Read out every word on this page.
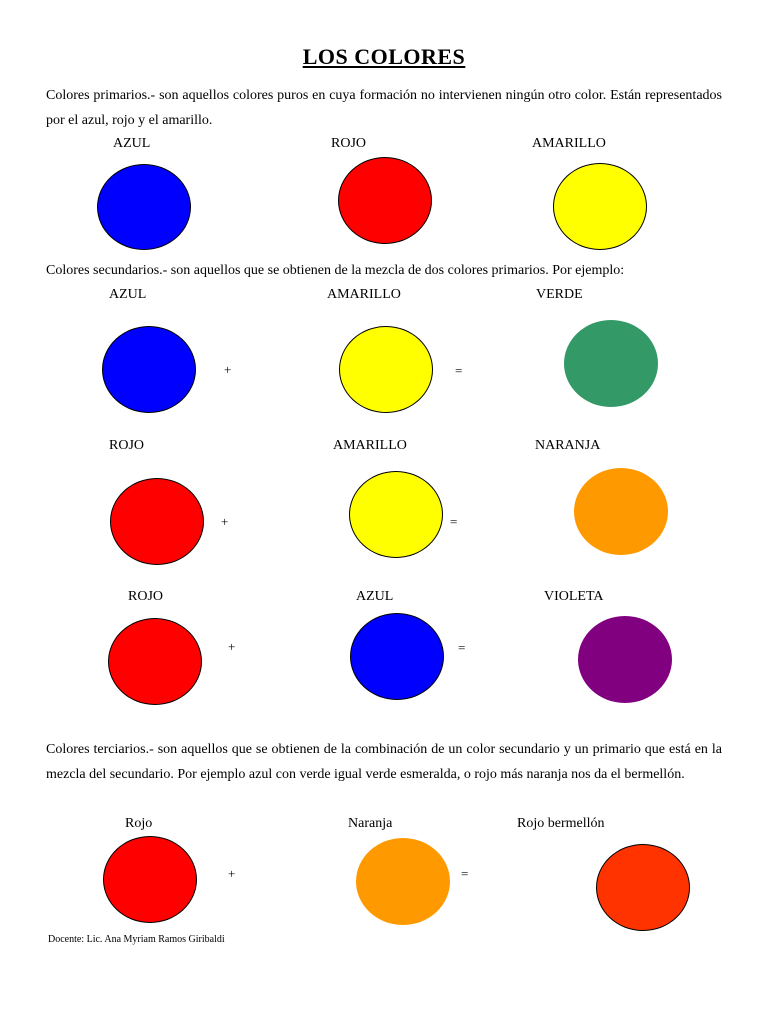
LOS COLORES
Colores primarios.- son aquellos colores puros en cuya formación no intervienen ningún otro color. Están representados por el azul, rojo y el amarillo.
AZUL	ROJO	AMARILLO
Colores secundarios.- son aquellos que se obtienen de la mezcla de dos colores primarios. Por ejemplo:
AZUL	AMARILLO	VERDE
+	=
ROJO	AMARILLO	NARANJA
+	=
ROJO	AZUL	VIOLETA
+	=
Colores terciarios.- son aquellos que se obtienen de la combinación de un color secundario y un primario que está en la mezcla del secundario. Por ejemplo azul con verde igual verde esmeralda, o rojo más naranja nos da el bermellón.
Rojo	Naranja	Rojo bermellón
+	=
Docente: Lic. Ana Myriam Ramos Giribaldi
